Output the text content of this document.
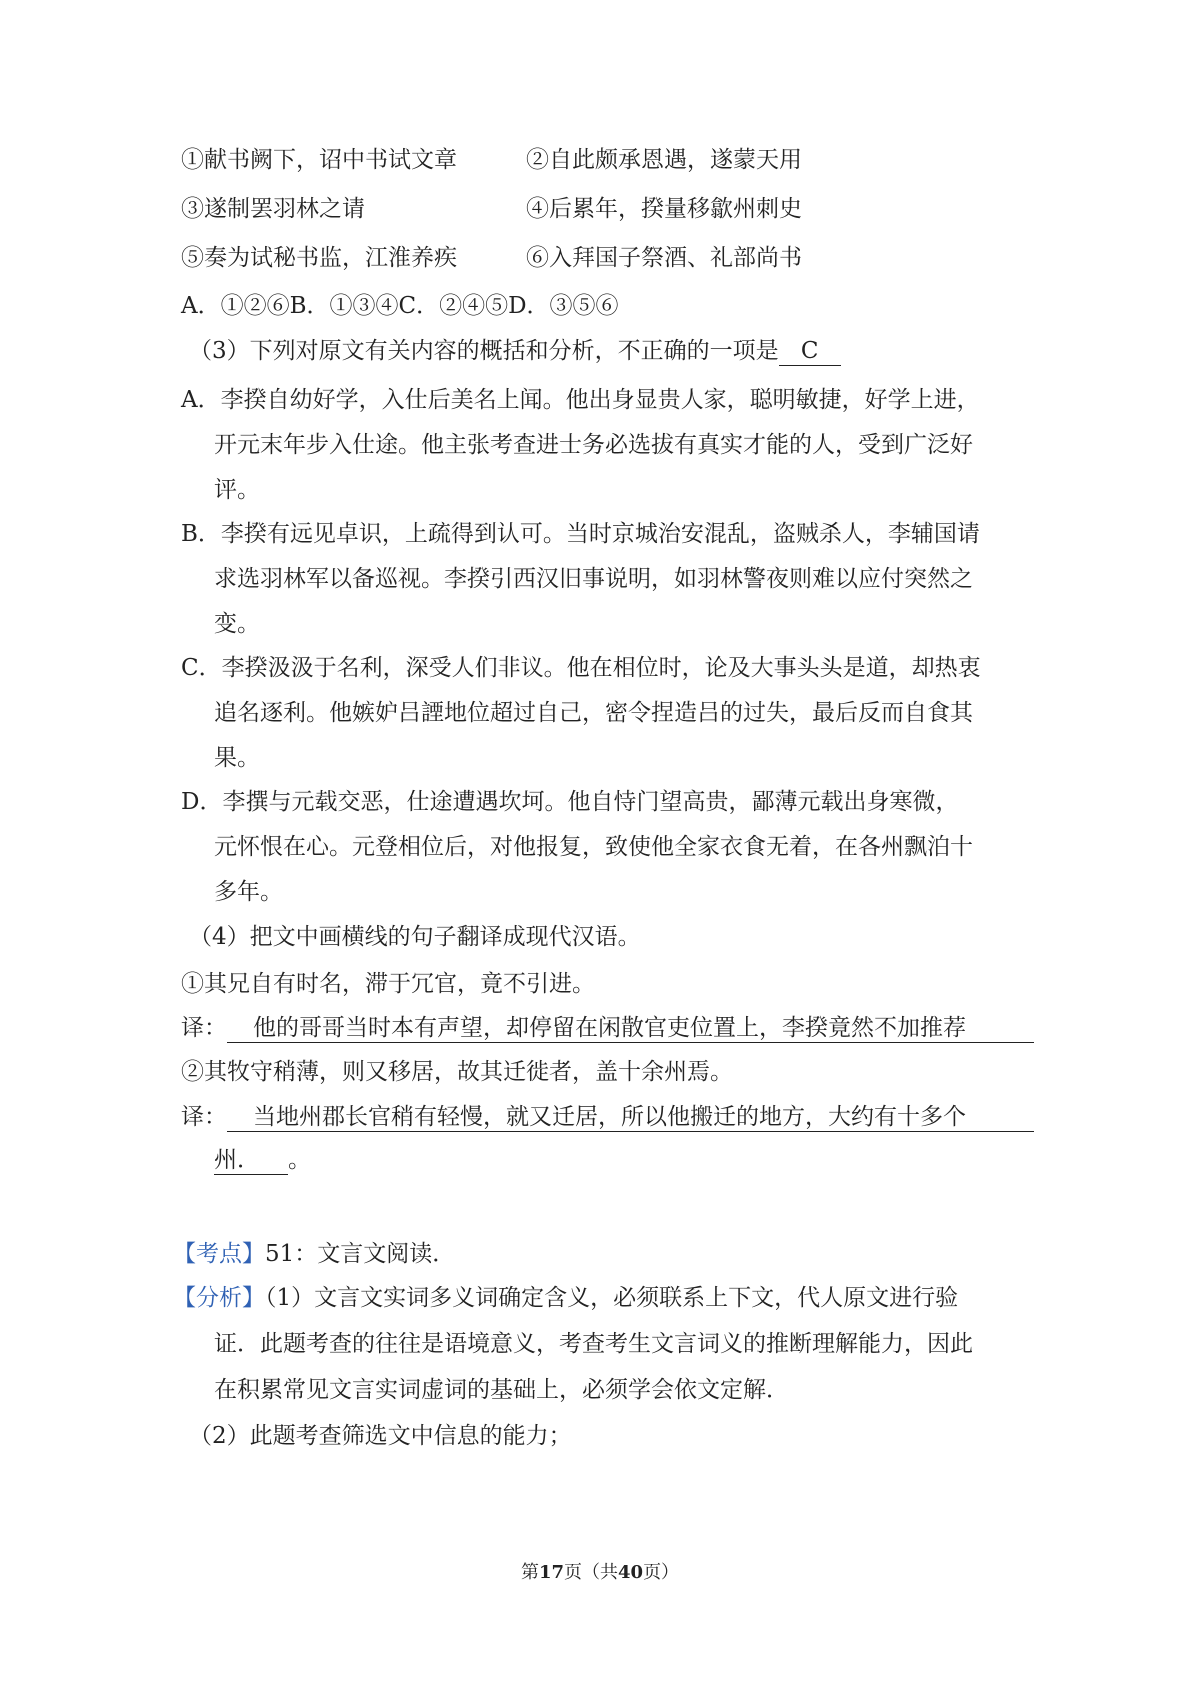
①献书阙下，诏中书试文章	②自此颇承恩遇，遂蒙天用
③遂制罢羽林之请	④后累年，揆量移歙州刺史
⑤奏为试秘书监，江淮养疾	⑥入拜国子祭酒、礼部尚书
A．①②⑥B．①③④C．②④⑤D．③⑤⑥
（3）下列对原文有关内容的概括和分析，不正确的一项是 C
A．李揆自幼好学，入仕后美名上闻。他出身显贵人家，聪明敏捷，好学上进，
开元末年步入仕途。他主张考查进士务必选拔有真实才能的人，受到广泛好
评。
B．李揆有远见卓识，上疏得到认可。当时京城治安混乱，盗贼杀人，李辅国请
求选羽林军以备巡视。李揆引西汉旧事说明，如羽林警夜则难以应付突然之
变。
C．李揆汲汲于名利，深受人们非议。他在相位时，论及大事头头是道，却热衷
追名逐利。他嫉妒吕諲地位超过自己，密令捏造吕的过失，最后反而自食其
果。
D．李撰与元载交恶，仕途遭遇坎坷。他自恃门望高贵，鄙薄元载出身寒微，
元怀恨在心。元登相位后，对他报复，致使他全家衣食无着，在各州飘泊十
多年。
（4）把文中画横线的句子翻译成现代汉语。
①其兄自有时名，滞于冗官，竟不引进。
译： 他的哥哥当时本有声望，却停留在闲散官吏位置上，李揆竟然不加推荐
②其牧守稍薄，则又移居，故其迁徙者，盖十余州焉。
译： 当地州郡长官稍有轻慢，就又迁居，所以他搬迁的地方，大约有十多个
州． 。
【考点】51：文言文阅读．
【分析】（1）文言文实词多义词确定含义，必须联系上下文，代人原文进行验
证．此题考查的往往是语境意义，考查考生文言词义的推断理解能力，因此
在积累常见文言实词虚词的基础上，必须学会依文定解．
（2）此题考查筛选文中信息的能力；
第17页（共40页）
